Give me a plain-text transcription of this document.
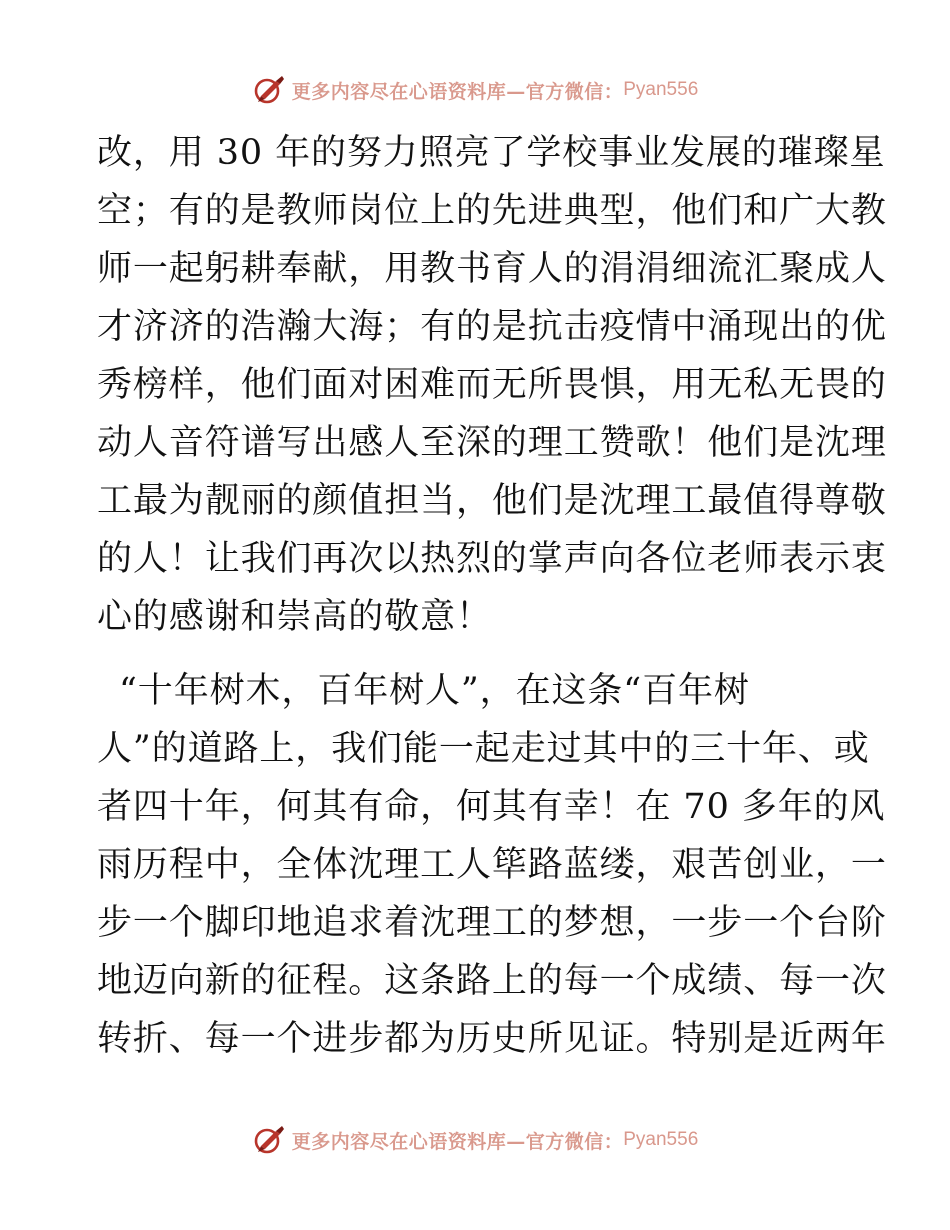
更多内容尽在心语资料库—官方微信： Pyan556
改，用 30 年的努力照亮了学校事业发展的璀璨星
空；有的是教师岗位上的先进典型，他们和广大教
师一起躬耕奉献，用教书育人的涓涓细流汇聚成人
才济济的浩瀚大海；有的是抗击疫情中涌现出的优
秀榜样，他们面对困难而无所畏惧，用无私无畏的
动人音符谱写出感人至深的理工赞歌！他们是沈理
工最为靓丽的颜值担当，他们是沈理工最值得尊敬
的人！让我们再次以热烈的掌声向各位老师表示衷
心的感谢和崇高的敬意！
“十年树木，百年树人”，在这条“百年树
人”的道路上，我们能一起走过其中的三十年、或
者四十年，何其有命，何其有幸！在 70 多年的风
雨历程中，全体沈理工人筚路蓝缕，艰苦创业，一
步一个脚印地追求着沈理工的梦想，一步一个台阶
地迈向新的征程。这条路上的每一个成绩、每一次
转折、每一个进步都为历史所见证。特别是近两年
更多内容尽在心语资料库—官方微信： Pyan556
